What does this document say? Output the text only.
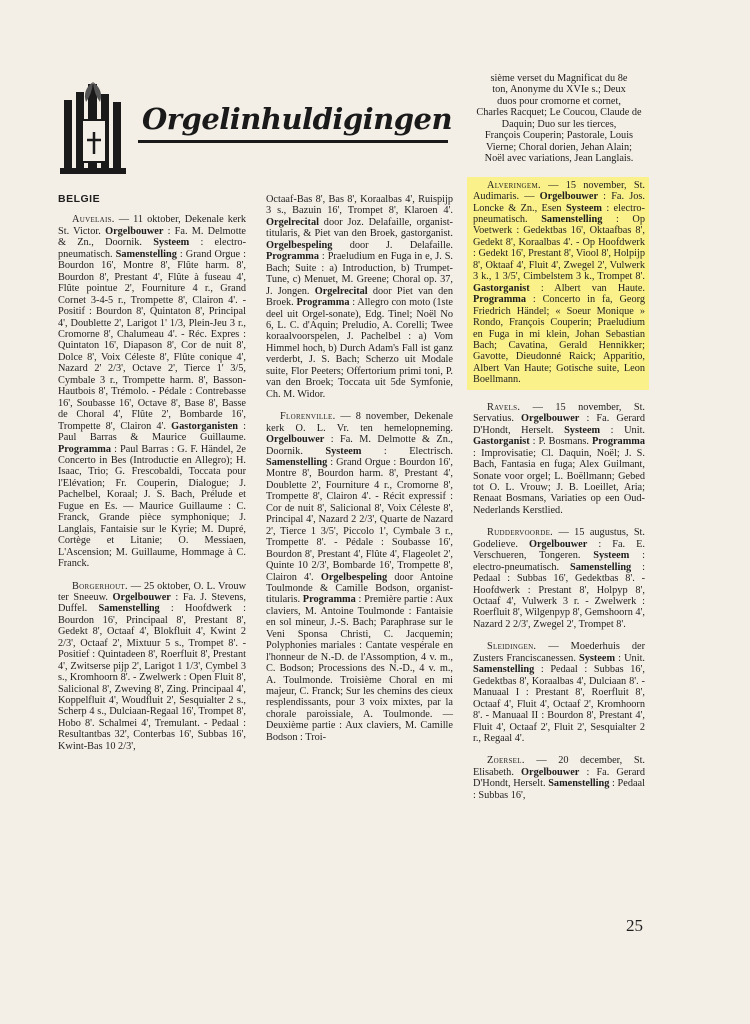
Orgelinhuldigingen
BELGIE

Auvelais. — 11 oktober, Dekenale kerk St. Victor. Orgelbouwer : Fa. M. Delmotte & Zn., Doornik. Systeem : electro-pneumatisch. Samenstelling : Grand Orgue : Bourdon 16', Montre 8', Flûte harm. 8', Bourdon 8', Prestant 4', Flûte à fuseau 4', Flûte pointue 2', Fourniture 4 r., Grand Cornet 3-4-5 r., Trompette 8', Clairon 4'. - Positif : Bourdon 8', Quintaton 8', Principal 4', Doublette 2', Larigot 1' 1/3, Plein-Jeu 3 r., Cromorne 8', Chalumeau 4'. - Réc. Expres : Quintaton 16', Diapason 8', Cor de nuit 8', Dolce 8', Voix Céleste 8', Flûte conique 4', Nazard 2' 2/3', Octave 2', Tierce 1' 3/5, Cymbale 3 r., Trompette harm. 8', Basson-Hautbois 8', Trémolo. - Pédale : Contrebasse 16', Soubasse 16', Octave 8', Base 8', Basse de Choral 4', Flûte 2', Bombarde 16', Trompette 8', Clairon 4'. Gastorganisten : Paul Barras & Maurice Guillaume. Programma : Paul Barras : G. F. Händel, 2e Concerto in Bes (Introductie en Allegro); H. Isaac, Trio; G. Frescobaldi, Toccata pour l'Elévation; Fr. Couperin, Dialogue; J. Pachelbel, Koraal; J. S. Bach, Prélude et Fugue en Es. — Maurice Guillaume : C. Franck, Grande pièce symphonique; J. Langlais, Fantaisie sur le Kyrie; M. Dupré, Cortège et Litanie; O. Messiaen, L'Ascension; M. Guillaume, Hommage à C. Franck.

Borgerhout. — 25 oktober, O. L. Vrouw ter Sneeuw. Orgelbouwer : Fa. J. Stevens, Duffel. Samenstelling : Hoofdwerk : Bourdon 16', Principaal 8', Prestant 8', Gedekt 8', Octaaf 4', Blokfluit 4', Kwint 2 2/3', Octaaf 2', Mixtuur 5 s., Trompet 8'. - Positief : Quintadeen 8', Roerfluit 8', Prestant 4', Zwitserse pijp 2', Larigot 1 1/3', Cymbel 3 s., Kromhoorn 8'. - Zwelwerk : Open Fluit 8', Salicional 8', Zweving 8', Zing. Principaal 4', Koppelfluit 4', Woudfluit 2', Sesquialter 2 s., Scherp 4 s., Dulciaan-Regaal 16', Trompet 8', Hobo 8'. Schalmei 4', Tremulant. - Pedaal : Resultantbas 32', Conterbas 16', Subbas 16', Kwint-Bas 10 2/3',

Octaaf-Bas 8', Bas 8', Koraalbas 4', Ruispijp 3 s., Bazuin 16', Trompet 8', Klaroen 4'. Orgelrecital door Joz. Delafaille, organist-titularis, & Piet van den Broek, gastorganist. Orgelbespeling door J. Delafaille. Programma : Praeludium en Fuga in e, J. S. Bach; Suite : a) Introduction, b) Trumpet-Tune, c) Menuet, M. Greene; Choral op. 37, J. Jongen. Orgelrecital door Piet van den Broek. Programma : Allegro con moto (1ste deel uit Orgel-sonate), Edg. Tinel; Noël No 6, L. C. d'Aquin; Preludio, A. Corelli; Twee koraalvoorspelen, J. Pachelbel : a) Vom Himmel hoch, b) Durch Adam's Fall ist ganz verderbt, J. S. Bach; Scherzo uit Modale suite, Flor Peeters; Offertorium primi toni, P. van den Broek; Toccata uit 5de Symfonie, Ch. M. Widor.

Florenville. — 8 november, Dekenale kerk O. L. Vr. ten hemelopneming. Orgelbouwer : Fa. M. Delmotte & Zn., Doornik. Systeem : Electrisch. Samenstelling : Grand Orgue : Bourdon 16', Montre 8', Bourdon harm. 8', Prestant 4', Doublette 2', Fourniture 4 r., Cromorne 8', Trompette 8', Clairon 4'. - Récit expressif : Cor de nuit 8', Salicional 8', Voix Céleste 8', Principal 4', Nazard 2 2/3', Quarte de Nazard 2', Tierce 1 3/5', Piccolo 1', Cymbale 3 r., Trompette 8'. - Pédale : Soubasse 16', Bourdon 8', Prestant 4', Flûte 4', Flageolet 2', Quinte 10 2/3', Bombarde 16', Trompette 8', Clairon 4'. Orgelbespeling door Antoine Toulmonde & Camille Bodson, organist-titularis. Programma : Première partie : Aux claviers, M. Antoine Toulmonde : Fantaisie en sol mineur, J.-S. Bach; Paraphrase sur le Veni Sponsa Christi, C. Jacquemin; Polyphonies mariales : Cantate vespérale en l'honneur de N.-D. de l'Assomption, 4 v. m., C. Bodson; Processions des N.-D., 4 v. m., A. Toulmonde. Troisième Choral en mi majeur, C. Franck; Sur les chemins des cieux resplendissants, pour 3 voix mixtes, par la chorale paroissiale, A. Toulmonde. — Deuxième partie : Aux claviers, M. Camille Bodson : Troi-

sième verset du Magnificat du 8e

ton, Anonyme du XVIe s.; Deux

duos pour cromorne et cornet,

Charles Racquet; Le Coucou, Claude de Daquin; Duo sur les tierces,

François Couperin; Pastorale, Louis

Vierne; Choral dorien, Jehan Alain;

Noël avec variations, Jean Langlais.

Alveringem. — 15 november, St. Audimaris. — Orgelbouwer : Fa. Jos. Loncke & Zn., Esen Systeem : electro-pneumatisch. Samenstelling : Op Voetwerk : Gedektbas 16', Oktaafbas 8', Gedekt 8', Koraalbas 4'. - Op Hoofdwerk : Gedekt 16', Prestant 8', Viool 8', Holpijp 8', Oktaaf 4', Fluit 4', Zwegel 2', Vulwerk 3 k., 1 3/5', Cimbelstem 3 k., Trompet 8'. Gastorganist : Albert van Haute. Programma : Concerto in fa, Georg Friedrich Händel; « Soeur Monique » Rondo, François Couperin; Praeludium en Fuga in mi klein, Johan Sebastian Bach; Cavatina, Gerald Hennikker; Gavotte, Dieudonné Raick; Apparitio, Albert Van Haute; Gotische suite, Leon Boellmann.

Ravels. — 15 november, St. Servatius. Orgelbouwer : Fa. Gerard D'Hondt, Herselt. Systeem : Unit. Gastorganist : P. Bosmans. Programma : Improvisatie; Cl. Daquin, Noël; J. S. Bach, Fantasia en fuga; Alex Guilmant, Sonate voor orgel; L. Boëllmann; Gebed tot O. L. Vrouw; J. B. Loeillet, Aria; Renaat Bosmans, Variaties op een Oud-Nederlands Kerstlied.

Ruddervoorde. — 15 augustus, St. Godelieve. Orgelbouwer : Fa. E. Verschueren, Tongeren. Systeem : electro-pneumatisch. Samenstelling : Pedaal : Subbas 16', Gedektbas 8'. - Hoofdwerk : Prestant 8', Holpyp 8', Octaaf 4', Vulwerk 3 r. - Zwelwerk : Roerfluit 8', Wilgenpyp 8', Gemshoorn 4', Nazard 2 2/3', Zwegel 2', Trompet 8'.

Sleidingen. — Moederhuis der Zusters Franciscanessen. Systeem : Unit. Samenstelling : Pedaal : Subbas 16', Gedektbas 8', Koraalbas 4', Dulciaan 8'. - Manuaal I : Prestant 8', Roerfluit 8', Octaaf 4', Fluit 4', Octaaf 2', Kromhoorn 8'. - Manuaal II : Bourdon 8', Prestant 4', Fluit 4', Octaaf 2', Fluit 2', Sesquialter 2 r., Regaal 4'.

Zoersel. — 20 december, St. Elisabeth. Orgelbouwer : Fa. Gerard D'Hondt, Herselt. Samenstelling : Pedaal : Subbas 16',

25
